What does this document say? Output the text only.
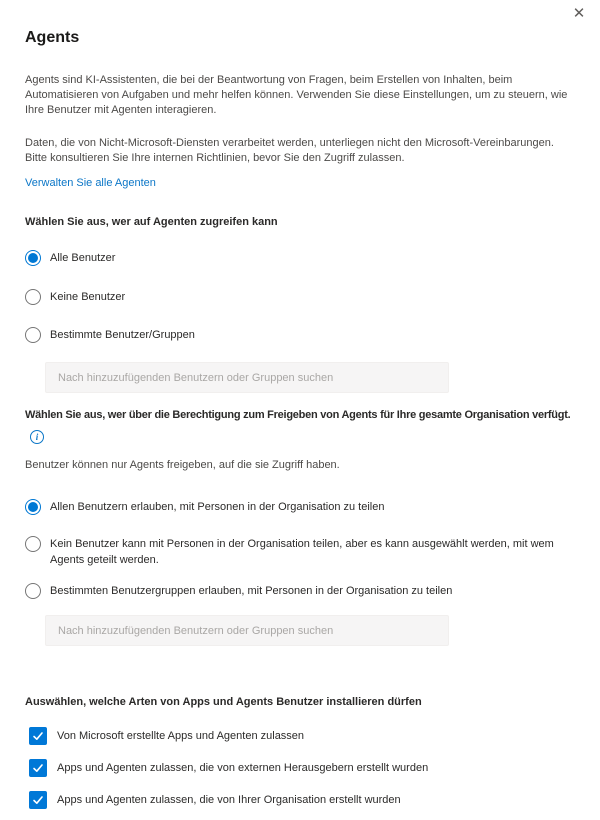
✕
Agents

Agents sind KI-Assistenten, die bei der Beantwortung von Fragen, beim Erstellen von Inhalten, beim Automatisieren von Aufgaben und mehr helfen können. Verwenden Sie diese Einstellungen, um zu steuern, wie Ihre Benutzer mit Agenten interagieren.

Daten, die von Nicht-Microsoft-Diensten verarbeitet werden, unterliegen nicht den Microsoft-Vereinbarungen. Bitte konsultieren Sie Ihre internen Richtlinien, bevor Sie den Zugriff zulassen.

Verwalten Sie alle Agenten
Wählen Sie aus, wer auf Agenten zugreifen kann
Alle Benutzer
Keine Benutzer
Bestimmte Benutzer/Gruppen
Nach hinzuzufügenden Benutzern oder Gruppen suchen
Wählen Sie aus, wer über die Berechtigung zum Freigeben von Agents für Ihre gesamte Organisation verfügt.
i
Benutzer können nur Agents freigeben, auf die sie Zugriff haben.
Allen Benutzern erlauben, mit Personen in der Organisation zu teilen
Kein Benutzer kann mit Personen in der Organisation teilen, aber es kann ausgewählt werden, mit wem Agents geteilt werden.
Bestimmten Benutzergruppen erlauben, mit Personen in der Organisation zu teilen
Nach hinzuzufügenden Benutzern oder Gruppen suchen
Auswählen, welche Arten von Apps und Agents Benutzer installieren dürfen
Von Microsoft erstellte Apps und Agenten zulassen
Apps und Agenten zulassen, die von externen Herausgebern erstellt wurden
Apps und Agenten zulassen, die von Ihrer Organisation erstellt wurden
